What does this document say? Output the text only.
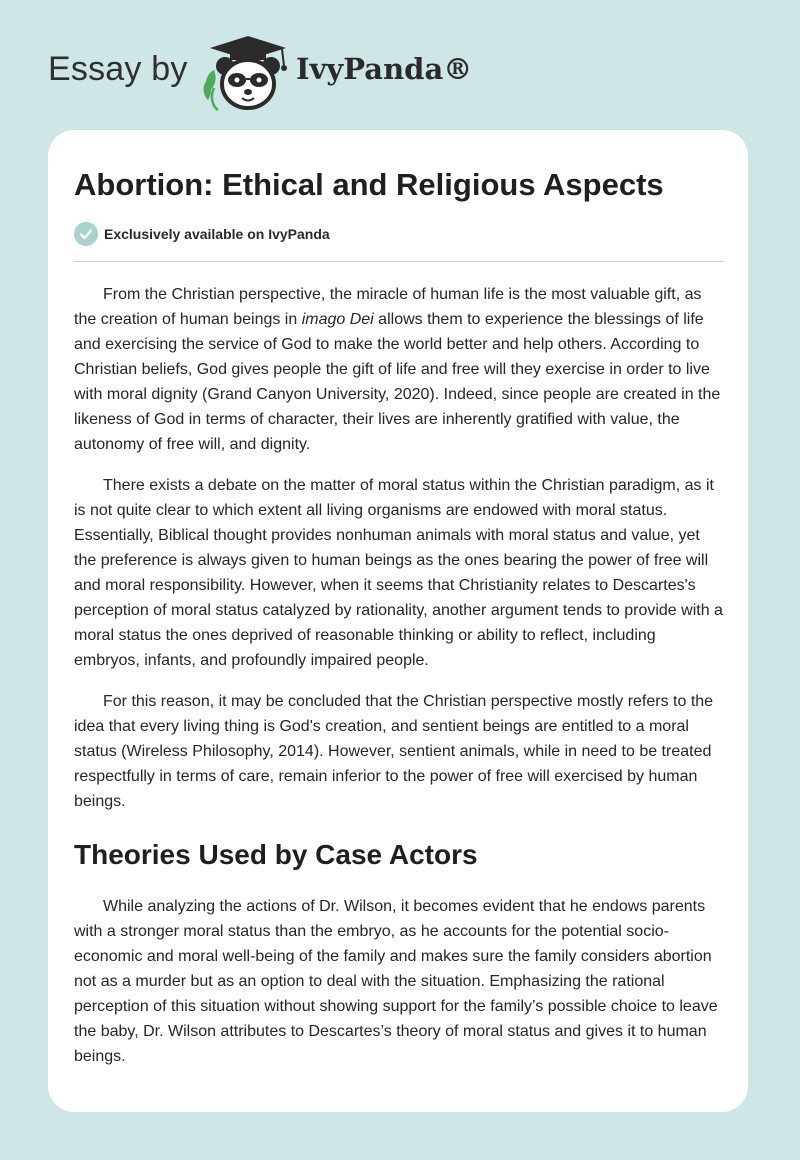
Essay by	IvyPanda®
Abortion: Ethical and Religious Aspects
Exclusively available on IvyPanda

From the Christian perspective, the miracle of human life is the most valuable gift, as the creation of human beings in imago Dei allows them to experience the blessings of life and exercising the service of God to make the world better and help others. According to Christian beliefs, God gives people the gift of life and free will they exercise in order to live with moral dignity (Grand Canyon University, 2020). Indeed, since people are created in the likeness of God in terms of character, their lives are inherently gratified with value, the autonomy of free will, and dignity.

There exists a debate on the matter of moral status within the Christian paradigm, as it is not quite clear to which extent all living organisms are endowed with moral status. Essentially, Biblical thought provides nonhuman animals with moral status and value, yet the preference is always given to human beings as the ones bearing the power of free will and moral responsibility. However, when it seems that Christianity relates to Descartes's perception of moral status catalyzed by rationality, another argument tends to provide with a moral status the ones deprived of reasonable thinking or ability to reflect, including embryos, infants, and profoundly impaired people.

For this reason, it may be concluded that the Christian perspective mostly refers to the idea that every living thing is God's creation, and sentient beings are entitled to a moral status (Wireless Philosophy, 2014). However, sentient animals, while in need to be treated respectfully in terms of care, remain inferior to the power of free will exercised by human beings.

Theories Used by Case Actors

While analyzing the actions of Dr. Wilson, it becomes evident that he endows parents with a stronger moral status than the embryo, as he accounts for the potential socio-economic and moral well-being of the family and makes sure the family considers abortion not as a murder but as an option to deal with the situation. Emphasizing the rational perception of this situation without showing support for the family’s possible choice to leave the baby, Dr. Wilson attributes to Descartes’s theory of moral status and gives it to human beings.
